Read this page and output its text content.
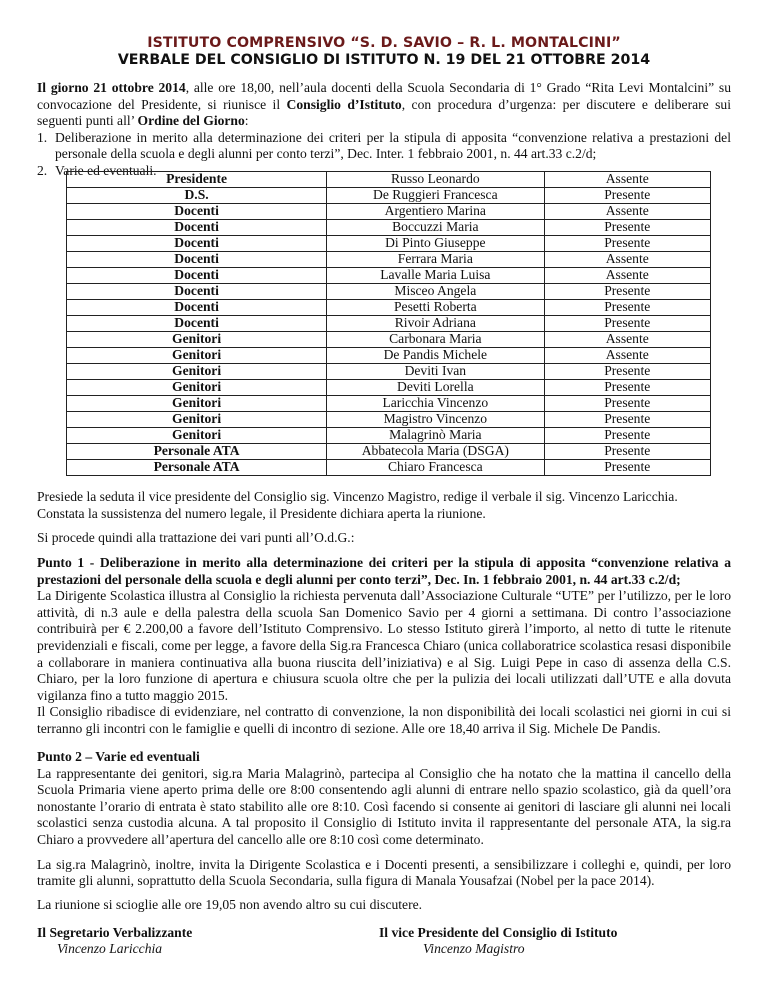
ISTITUTO COMPRENSIVO “S. D. SAVIO – R. L. MONTALCINI”
VERBALE DEL CONSIGLIO DI ISTITUTO N. 19 DEL 21 OTTOBRE 2014

Il giorno 21 ottobre 2014, alle ore 18,00, nell’aula docenti della Scuola Secondaria di 1° Grado “Rita Levi Montalcini” su convocazione del Presidente, si riunisce il Consiglio d’Istituto, con procedura d’urgenza: per discutere e deliberare sui seguenti punti all’ Ordine del Giorno:

1. Deliberazione in merito alla determinazione dei criteri per la stipula di apposita “convenzione relativa a prestazioni del personale della scuola e degli alunni per conto terzi”, Dec. Inter. 1 febbraio 2001, n. 44 art.33 c.2/d;
2. Varie ed eventuali.
Presidente	Russo Leonardo	Assente
D.S.	De Ruggieri Francesca	Presente
Docenti	Argentiero Marina	Assente
Docenti	Boccuzzi Maria	Presente
Docenti	Di Pinto Giuseppe	Presente
Docenti	Ferrara Maria	Assente
Docenti	Lavalle Maria Luisa	Assente
Docenti	Misceo Angela	Presente
Docenti	Pesetti Roberta	Presente
Docenti	Rivoir Adriana	Presente
Genitori	Carbonara Maria	Assente
Genitori	De Pandis Michele	Assente
Genitori	Deviti Ivan	Presente
Genitori	Deviti Lorella	Presente
Genitori	Laricchia Vincenzo	Presente
Genitori	Magistro Vincenzo	Presente
Genitori	Malagrinò Maria	Presente
Personale ATA	Abbatecola Maria (DSGA)	Presente
Personale ATA	Chiaro Francesca	Presente

Presiede la seduta il vice presidente del Consiglio sig. Vincenzo Magistro, redige il verbale il sig. Vincenzo Laricchia.

Constata la sussistenza del numero legale, il Presidente dichiara aperta la riunione.

Si procede quindi alla trattazione dei vari punti all’O.d.G.:

Punto 1 - Deliberazione in merito alla determinazione dei criteri per la stipula di apposita “convenzione relativa a prestazioni del personale della scuola e degli alunni per conto terzi”, Dec. In. 1 febbraio 2001, n. 44 art.33 c.2/d;

La Dirigente Scolastica illustra al Consiglio la richiesta pervenuta dall’Associazione Culturale “UTE” per l’utilizzo, per le loro attività, di n.3 aule e della palestra della scuola San Domenico Savio per 4 giorni a settimana. Di contro l’associazione contribuirà per € 2.200,00 a favore dell’Istituto Comprensivo. Lo stesso Istituto girerà l’importo, al netto di tutte le ritenute previdenziali e fiscali, come per legge, a favore della Sig.ra Francesca Chiaro (unica collaboratrice scolastica resasi disponibile a collaborare in maniera continuativa alla buona riuscita dell’iniziativa) e al Sig. Luigi Pepe in caso di assenza della C.S. Chiaro, per la loro funzione di apertura e chiusura scuola oltre che per la pulizia dei locali utilizzati dall’UTE e alla dovuta vigilanza fino a tutto maggio 2015.

Il Consiglio ribadisce di evidenziare, nel contratto di convenzione, la non disponibilità dei locali scolastici nei giorni in cui si terranno gli incontri con le famiglie e quelli di incontro di sezione. Alle ore 18,40 arriva il Sig. Michele De Pandis.

Punto 2 – Varie ed eventuali

La rappresentante dei genitori, sig.ra Maria Malagrinò, partecipa al Consiglio che ha notato che la mattina il cancello della Scuola Primaria viene aperto prima delle ore 8:00 consentendo agli alunni di entrare nello spazio scolastico, già da quell’ora nonostante l’orario di entrata è stato stabilito alle ore 8:10. Così facendo si consente ai genitori di lasciare gli alunni nei locali scolastici senza custodia alcuna. A tal proposito il Consiglio di Istituto invita il rappresentante del personale ATA, la sig.ra Chiaro a provvedere all’apertura del cancello alle ore 8:10 così come determinato.

La sig.ra Malagrinò, inoltre, invita la Dirigente Scolastica e i Docenti presenti, a sensibilizzare i colleghi e, quindi, per loro tramite gli alunni, soprattutto della Scuola Secondaria, sulla figura di Manala Yousafzai (Nobel per la pace 2014).

La riunione si scioglie alle ore 19,05 non avendo altro su cui discutere.
Il Segretario Verbalizzante
Vincenzo Laricchia
Il vice Presidente del Consiglio di Istituto
Vincenzo Magistro
